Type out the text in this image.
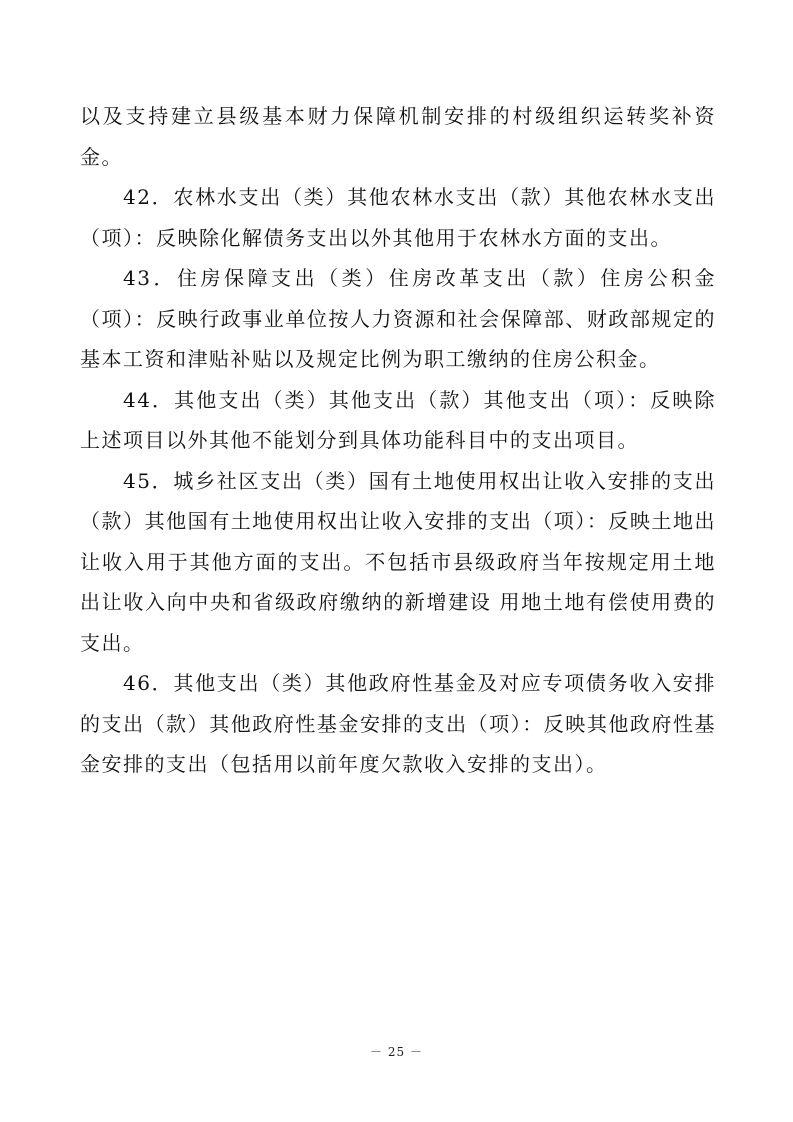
以及支持建立县级基本财力保障机制安排的村级组织运转奖补资金。

42．农林水支出（类）其他农林水支出（款）其他农林水支出（项）：反映除化解债务支出以外其他用于农林水方面的支出。

43．住房保障支出（类）住房改革支出（款）住房公积金（项）：反映行政事业单位按人力资源和社会保障部、财政部规定的 基本工资和津贴补贴以及规定比例为职工缴纳的住房公积金。

44．其他支出（类）其他支出（款）其他支出（项）：反映除上述项目以外其他不能划分到具体功能科目中的支出项目。

45．城乡社区支出（类）国有土地使用权出让收入安排的支出（款）其他国有土地使用权出让收入安排的支出（项）：反映土地出让收入用于其他方面的支出。不包括市县级政府当年按规定用土地出让收入向中央和省级政府缴纳的新增建设 用地土地有偿使用费的支出。

46．其他支出（类）其他政府性基金及对应专项债务收入安排的支出（款）其他政府性基金安排的支出（项）：反映其他政府性基金安排的支出（包括用以前年度欠款收入安排的支出）。

－ 25 －
